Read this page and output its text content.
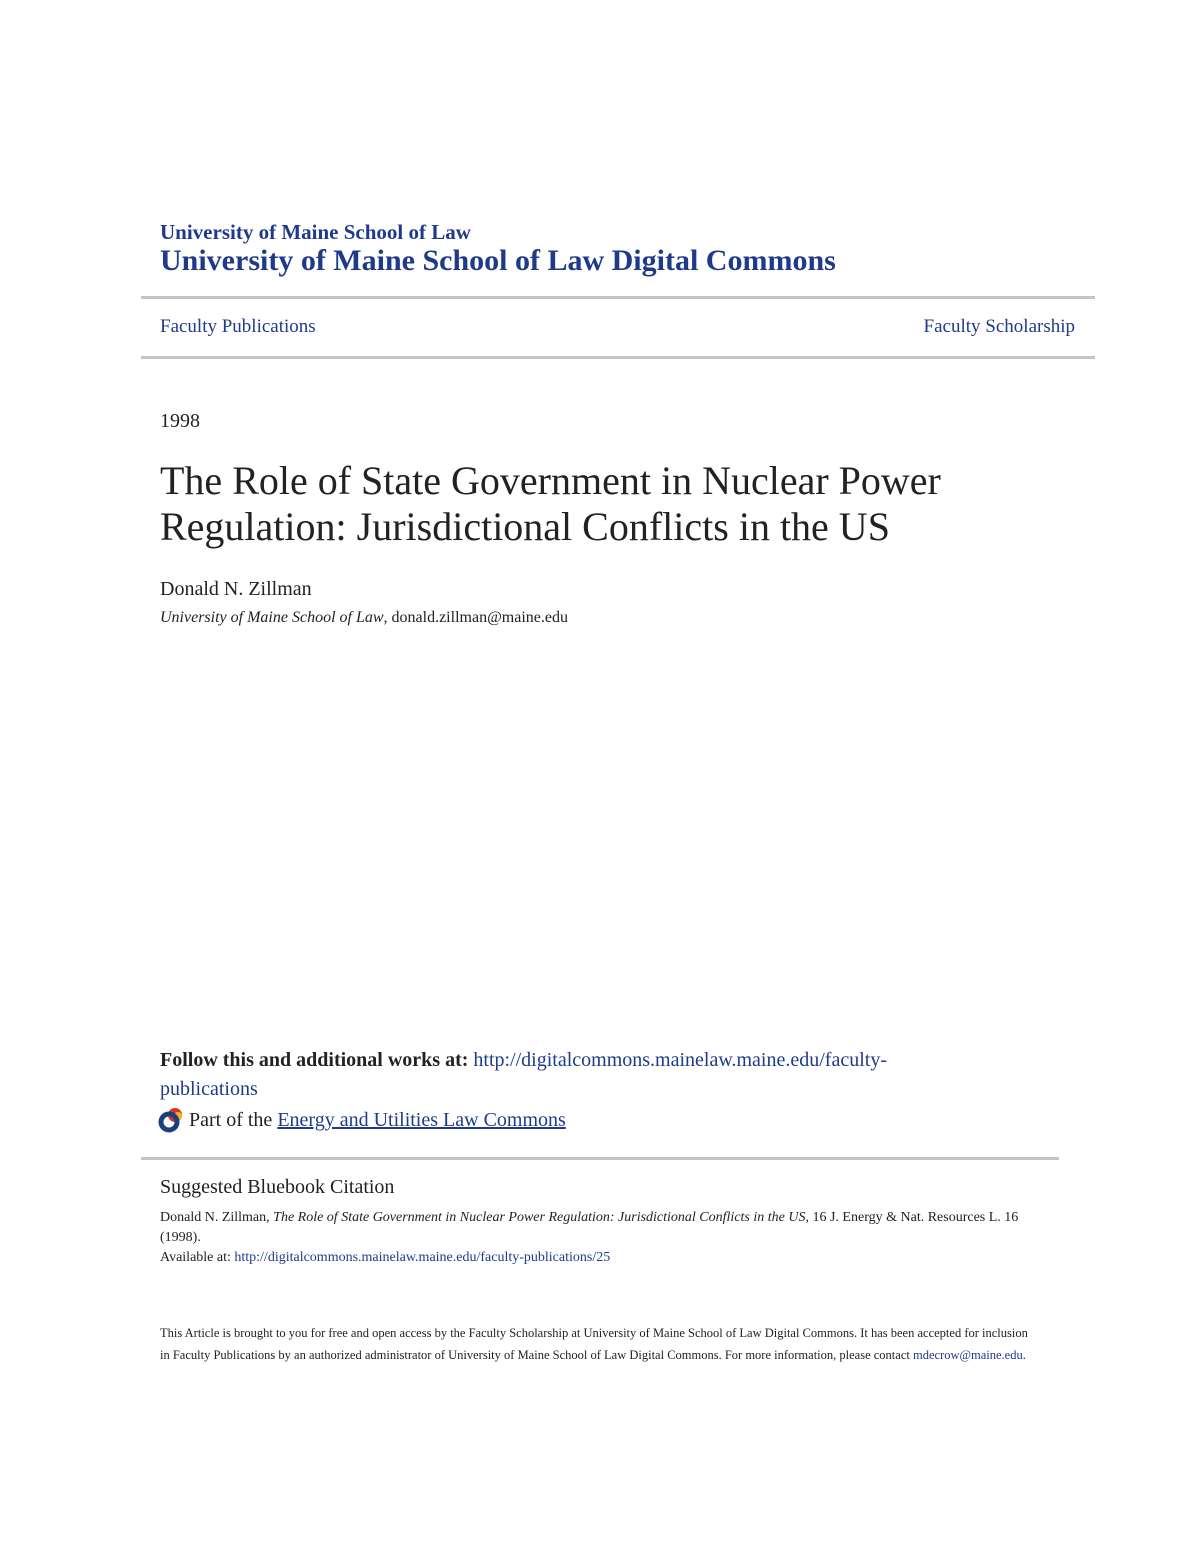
University of Maine School of Law
University of Maine School of Law Digital Commons
Faculty Publications	Faculty Scholarship
1998
The Role of State Government in Nuclear Power Regulation: Jurisdictional Conflicts in the US
Donald N. Zillman
University of Maine School of Law, donald.zillman@maine.edu
Follow this and additional works at: http://digitalcommons.mainelaw.maine.edu/faculty-publications
Part of the Energy and Utilities Law Commons
Suggested Bluebook Citation
Donald N. Zillman, The Role of State Government in Nuclear Power Regulation: Jurisdictional Conflicts in the US, 16 J. Energy & Nat. Resources L. 16 (1998).
Available at: http://digitalcommons.mainelaw.maine.edu/faculty-publications/25
This Article is brought to you for free and open access by the Faculty Scholarship at University of Maine School of Law Digital Commons. It has been accepted for inclusion in Faculty Publications by an authorized administrator of University of Maine School of Law Digital Commons. For more information, please contact mdecrow@maine.edu.
